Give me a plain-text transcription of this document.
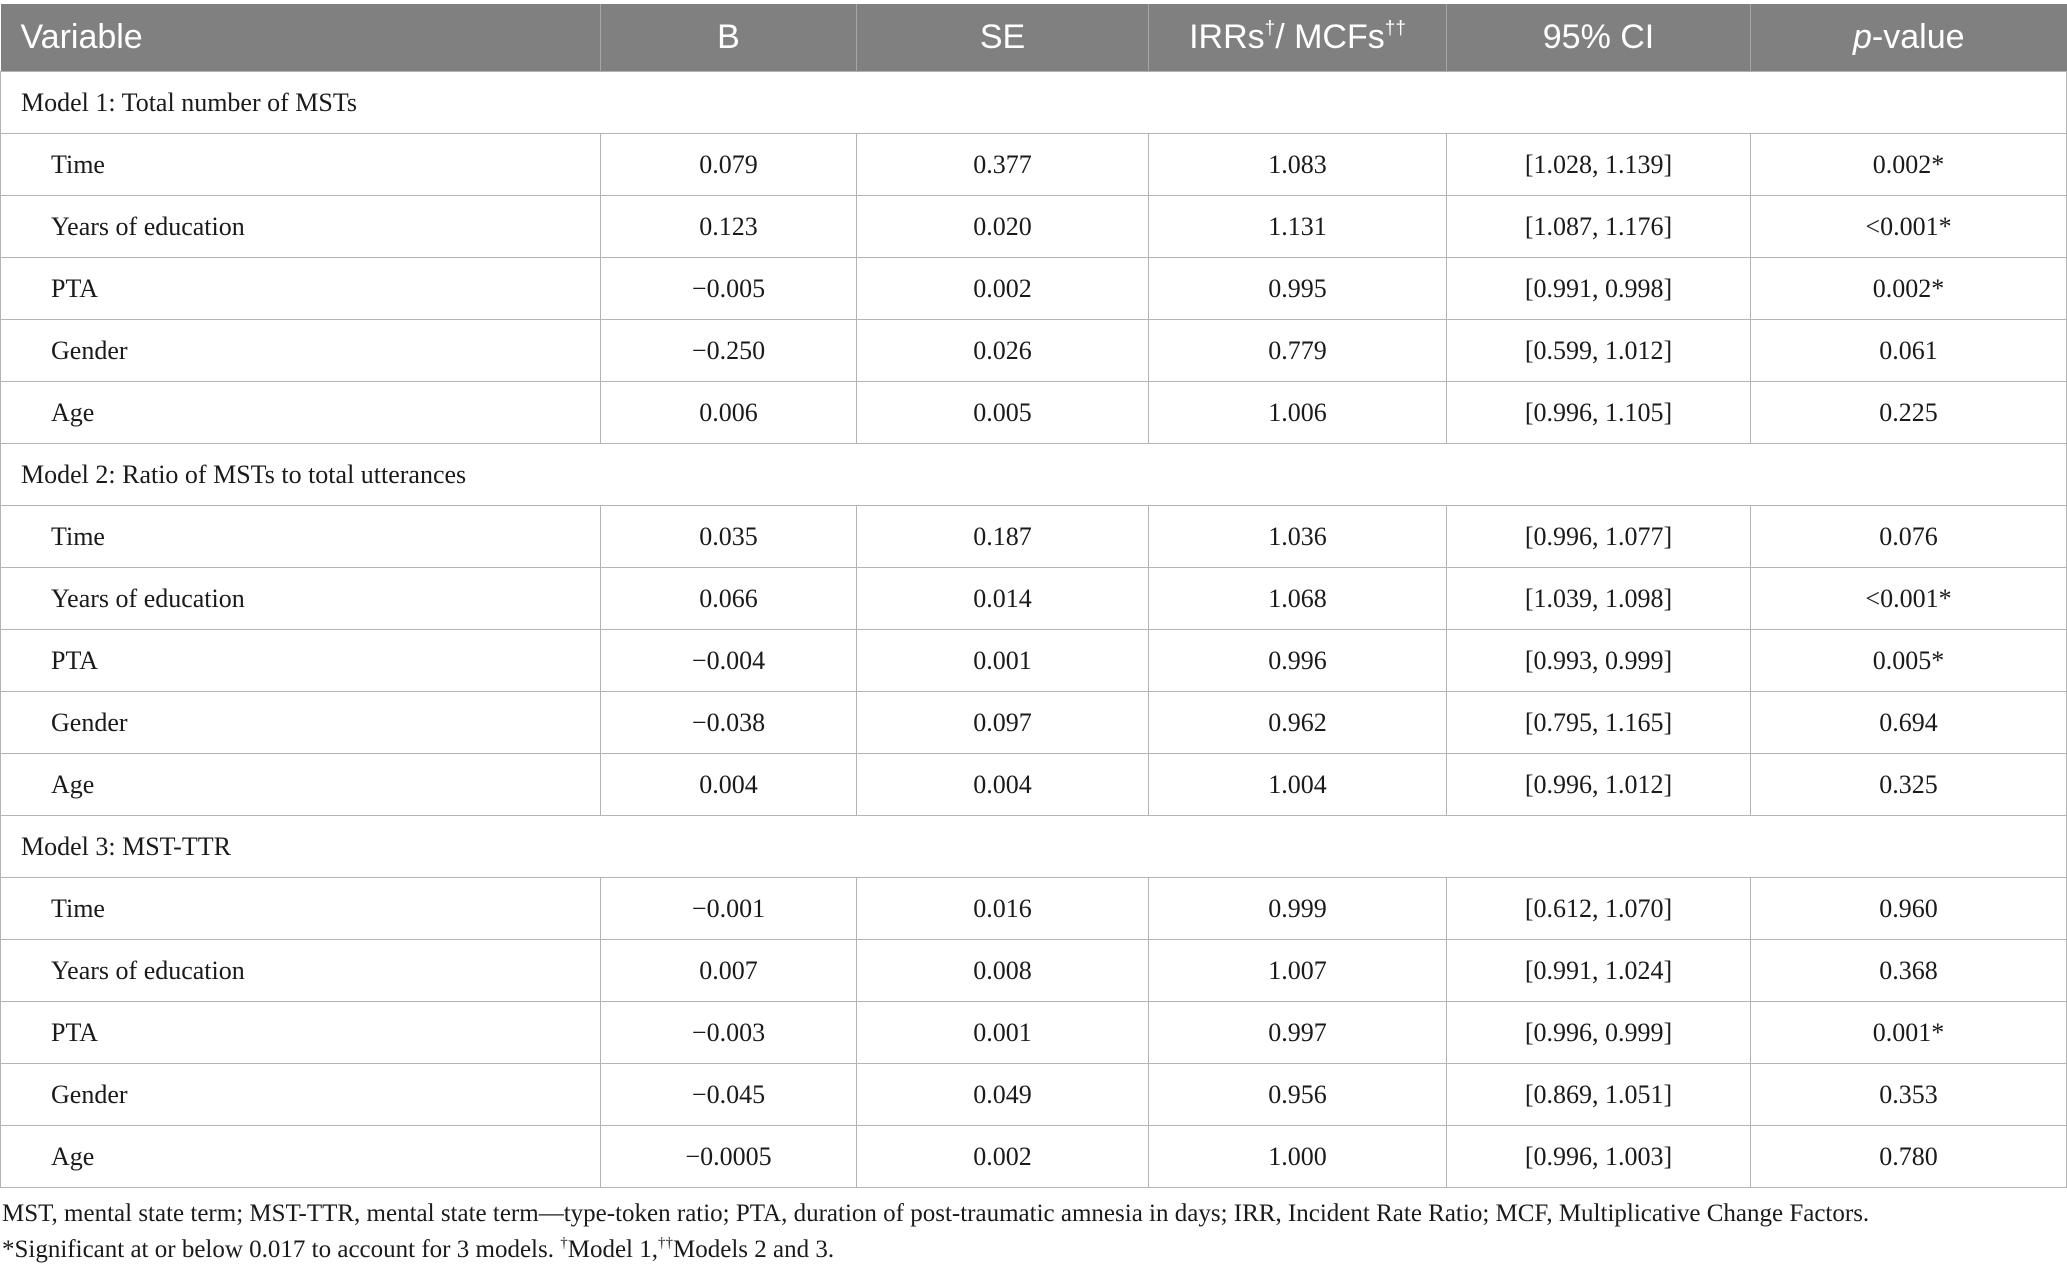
Variable	B	SE	IRRs†/ MCFs††	95% CI	p-value
Model 1: Total number of MSTs					
Time	0.079	0.377	1.083	[1.028, 1.139]	0.002*
Years of education	0.123	0.020	1.131	[1.087, 1.176]	<0.001*
PTA	−0.005	0.002	0.995	[0.991, 0.998]	0.002*
Gender	−0.250	0.026	0.779	[0.599, 1.012]	0.061
Age	0.006	0.005	1.006	[0.996, 1.105]	0.225
Model 2: Ratio of MSTs to total utterances					
Time	0.035	0.187	1.036	[0.996, 1.077]	0.076
Years of education	0.066	0.014	1.068	[1.039, 1.098]	<0.001*
PTA	−0.004	0.001	0.996	[0.993, 0.999]	0.005*
Gender	−0.038	0.097	0.962	[0.795, 1.165]	0.694
Age	0.004	0.004	1.004	[0.996, 1.012]	0.325
Model 3: MST-TTR					
Time	−0.001	0.016	0.999	[0.612, 1.070]	0.960
Years of education	0.007	0.008	1.007	[0.991, 1.024]	0.368
PTA	−0.003	0.001	0.997	[0.996, 0.999]	0.001*
Gender	−0.045	0.049	0.956	[0.869, 1.051]	0.353
Age	−0.0005	0.002	1.000	[0.996, 1.003]	0.780
MST, mental state term; MST-TTR, mental state term—type-token ratio; PTA, duration of post-traumatic amnesia in days; IRR, Incident Rate Ratio; MCF, Multiplicative Change Factors.
*Significant at or below 0.017 to account for 3 models. †Model 1,††Models 2 and 3.
